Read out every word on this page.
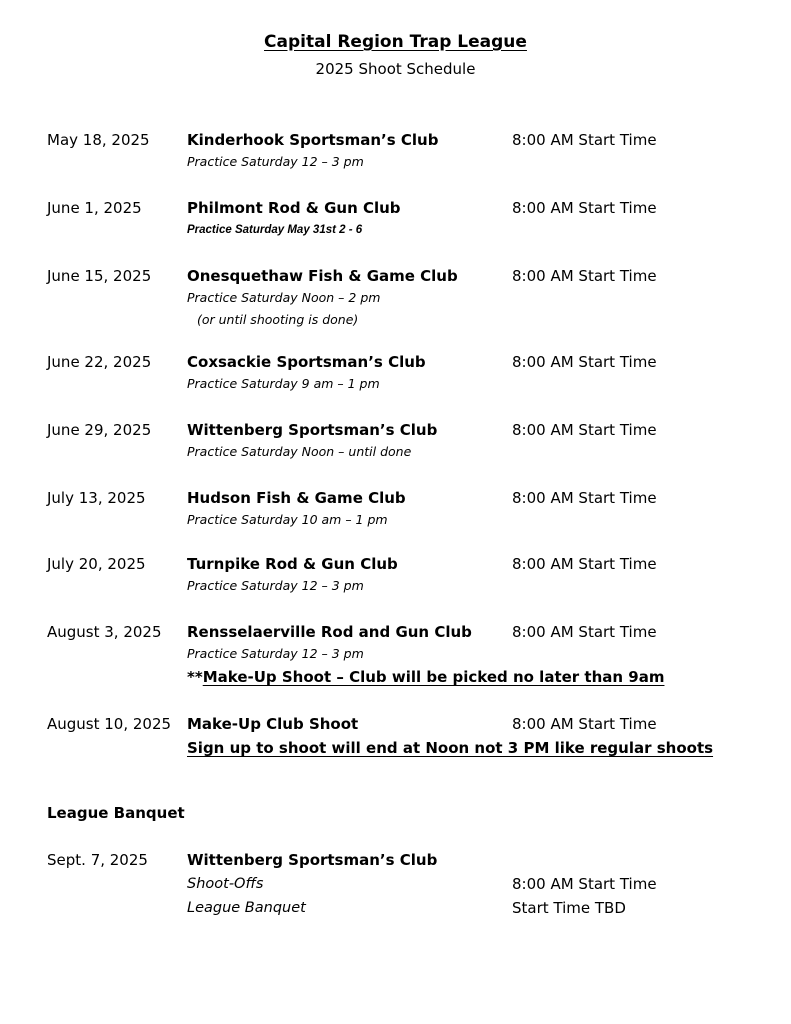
Capital Region Trap League
2025 Shoot Schedule

May 18, 2025 Kinderhook Sportsman’s Club	8:00 AM Start Time

Practice Saturday 12 – 3 pm

June 1, 2025	Philmont Rod & Gun Club	8:00 AM Start Time

Practice Saturday May 31st 2 - 6

June 15, 2025 Onesquethaw Fish & Game Club	8:00 AM Start Time

Practice Saturday Noon – 2 pm

(or until shooting is done)

June 22, 2025 Coxsackie Sportsman’s Club	8:00 AM Start Time

Practice Saturday 9 am – 1 pm

June 29, 2025 Wittenberg Sportsman’s Club	8:00 AM Start Time

Practice Saturday Noon – until done

July 13, 2025	Hudson Fish & Game Club	8:00 AM Start Time

Practice Saturday 10 am – 1 pm

July 20, 2025	Turnpike Rod & Gun Club	8:00 AM Start Time

Practice Saturday 12 – 3 pm

August 3, 2025 Rensselaerville Rod and Gun Club	8:00 AM Start Time

Practice Saturday 12 – 3 pm

**Make-Up Shoot – Club will be picked no later than 9am

August 10, 2025 Make-Up Club Shoot	8:00 AM Start Time

Sign up to shoot will end at Noon not 3 PM like regular shoots

League Banquet

Sept. 7, 2025	Wittenberg Sportsman’s Club

Shoot-Offs	8:00 AM Start Time

League Banquet	Start Time TBD
